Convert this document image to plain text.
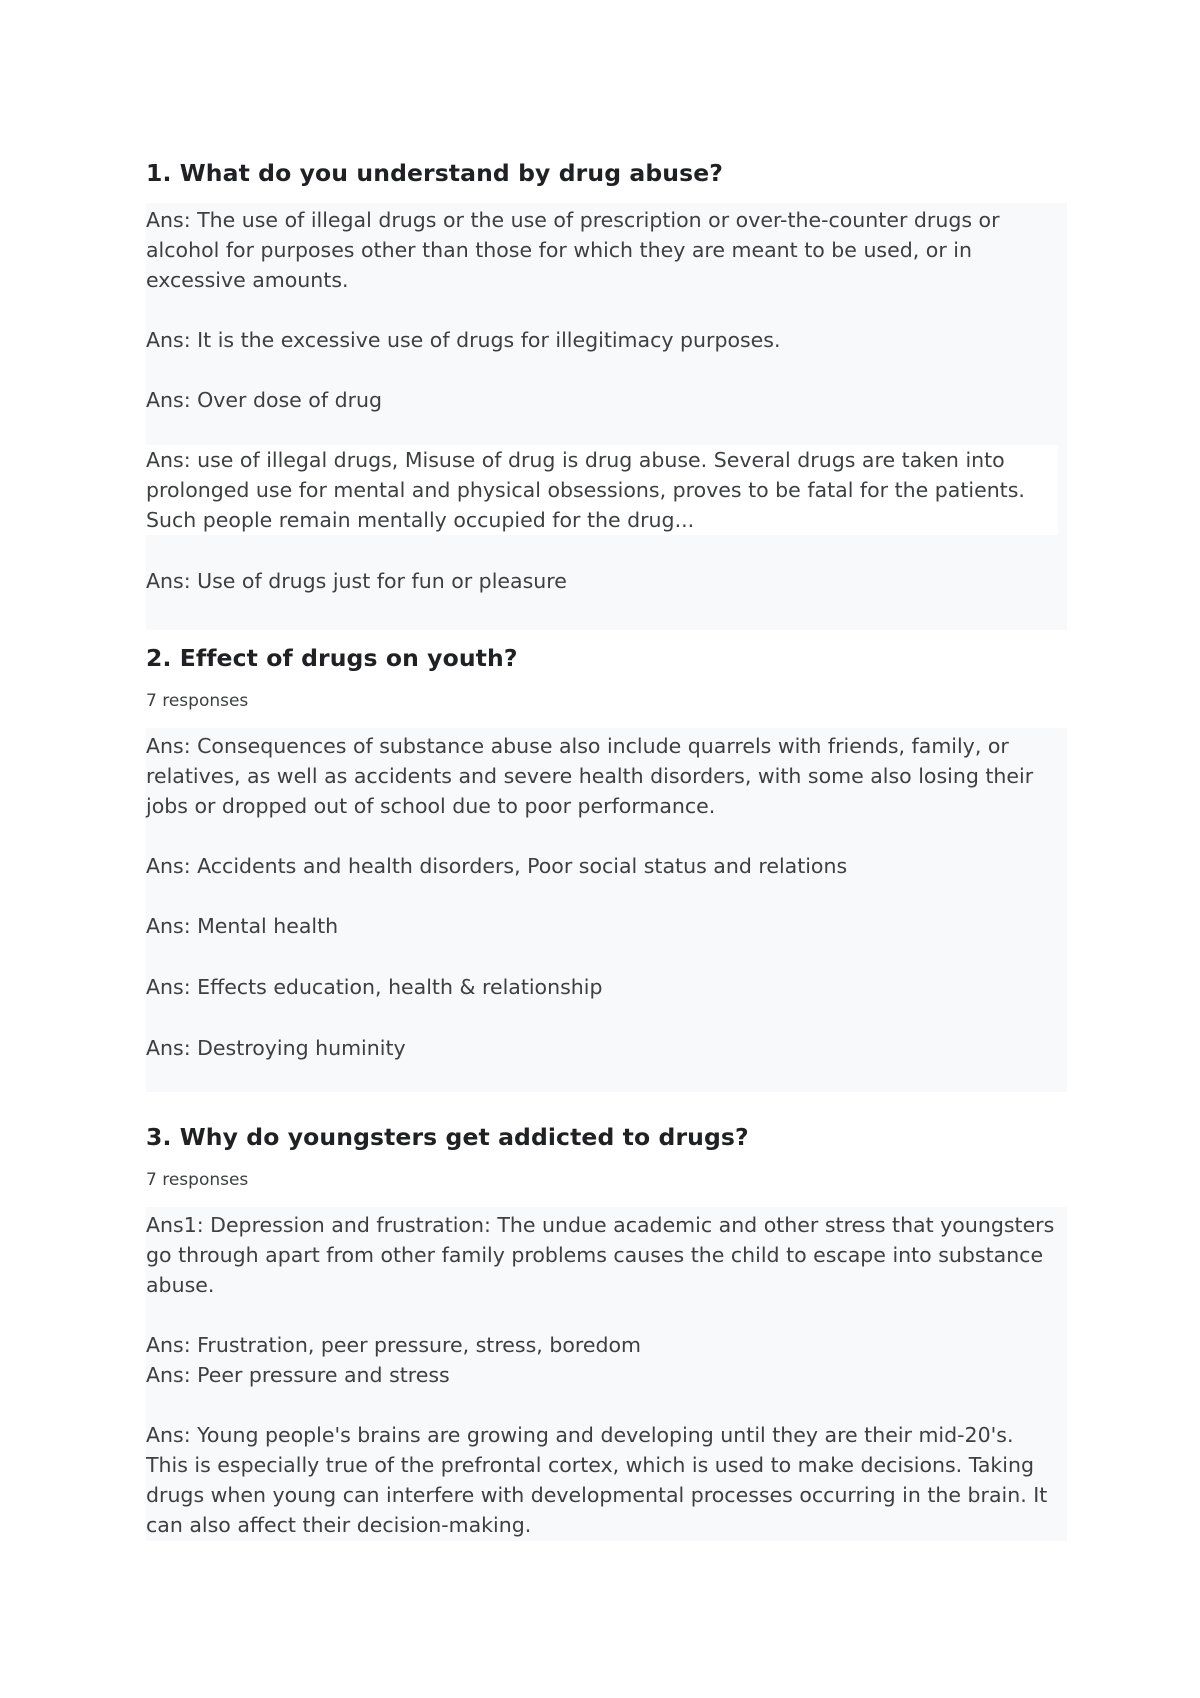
1. What do you understand by drug abuse?

Ans: The use of illegal drugs or the use of prescription or over-the-counter drugs or alcohol for purposes other than those for which they are meant to be used, or in excessive amounts.

Ans: It is the excessive use of drugs for illegitimacy purposes.

Ans: Over dose of drug

Ans: use of illegal drugs, Misuse of drug is drug abuse. Several drugs are taken into prolonged use for mental and physical obsessions, proves to be fatal for the patients. Such people remain mentally occupied for the drug...

Ans: Use of drugs just for fun or pleasure

2. Effect of drugs on youth?

7 responses

Ans: Consequences of substance abuse also include quarrels with friends, family, or relatives, as well as accidents and severe health disorders, with some also losing their jobs or dropped out of school due to poor performance.

Ans: Accidents and health disorders, Poor social status and relations

Ans: Mental health

Ans: Effects education, health & relationship

Ans: Destroying huminity

3. Why do youngsters get addicted to drugs?

7 responses

Ans1: Depression and frustration: The undue academic and other stress that youngsters go through apart from other family problems causes the child to escape into substance abuse.

Ans: Frustration, peer pressure, stress, boredom

Ans: Peer pressure and stress

Ans: Young people's brains are growing and developing until they are their mid-20's. This is especially true of the prefrontal cortex, which is used to make decisions. Taking drugs when young can interfere with developmental processes occurring in the brain. It can also affect their decision-making.
